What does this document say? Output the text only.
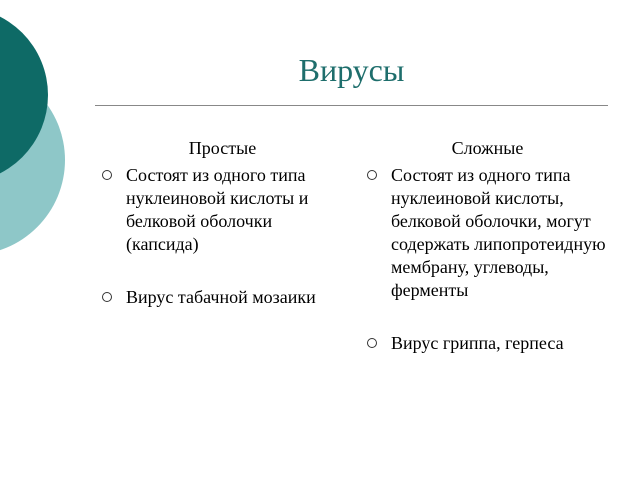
Вирусы
Простые
Состоят из одного типа нуклеиновой кислоты и белковой оболочки (капсида)
Вирус табачной мозаики
Сложные
Состоят из одного типа нуклеиновой кислоты, белковой оболочки, могут содержать липопротеидную мембрану, углеводы, ферменты
Вирус гриппа, герпеса
